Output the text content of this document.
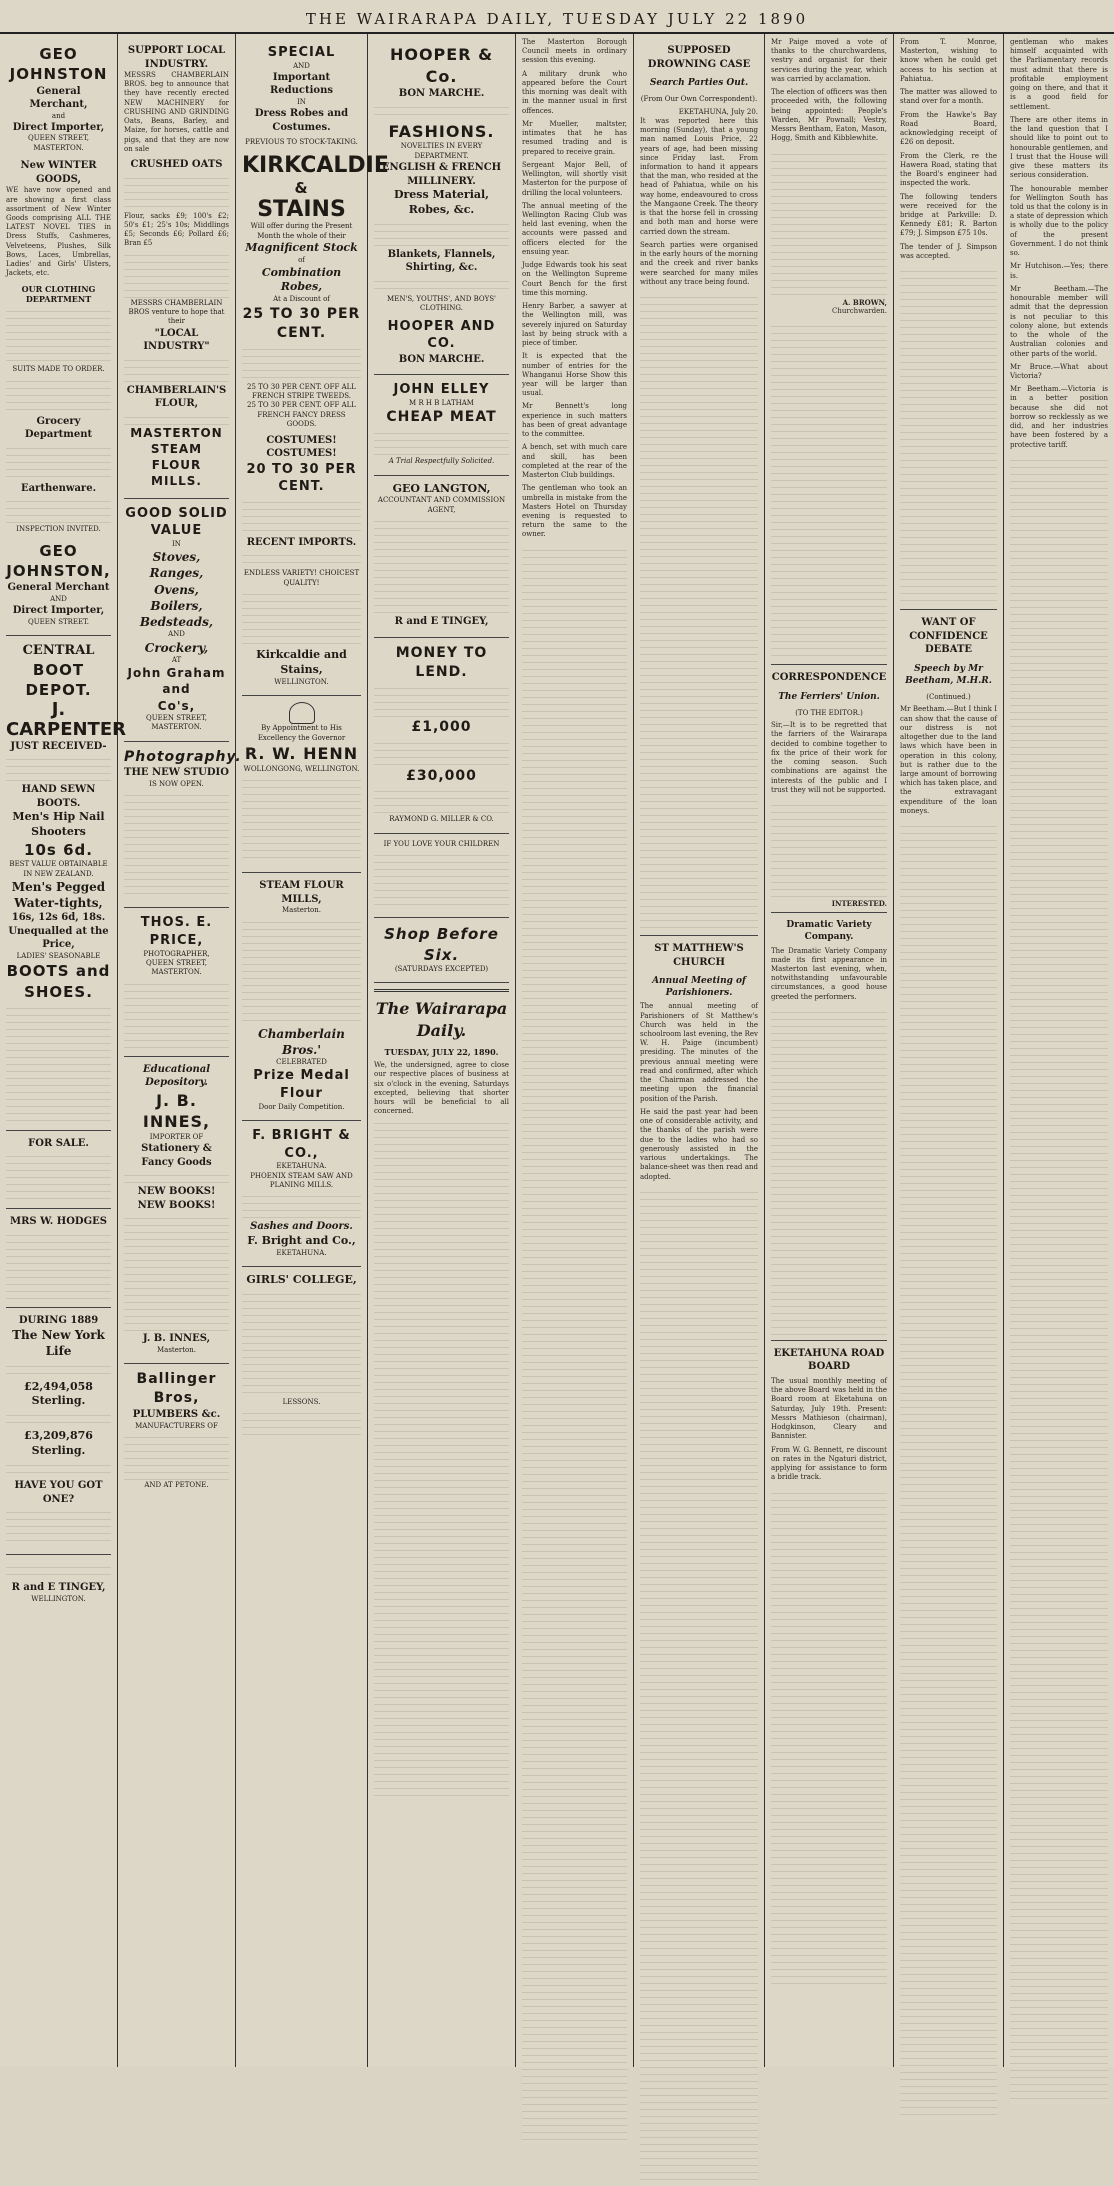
THE WAIRARAPA DAILY, TUESDAY JULY 22 1890
GEO JOHNSTON
General Merchant,
and
Direct Importer,
QUEEN STREET, MASTERTON.
New WINTER GOODS,
WE have now opened and are showing a first class assortment of New Winter Goods comprising ALL THE LATEST NOVEL TIES in Dress Stuffs, Cashmeres, Velveteens, Plushes, Silk Bows, Laces, Umbrellas, Ladies' and Girls' Ulsters, Jackets, etc.
OUR CLOTHING DEPARTMENT
SUITS MADE TO ORDER.
Grocery Department
Earthenware.
INSPECTION INVITED.
GEO JOHNSTON,
General Merchant
AND
Direct Importer,
QUEEN STREET.
CENTRAL
BOOT DEPOT.
J. CARPENTER
JUST RECEIVED-
HAND SEWN BOOTS.
Men's Hip Nail Shooters
10s 6d.
BEST VALUE OBTAINABLE IN NEW ZEALAND.
Men's Pegged Water-tights,
16s, 12s 6d, 18s.
Unequalled at the Price,
LADIES' SEASONABLE
BOOTS and SHOES.
FOR SALE.
MRS W. HODGES
DURING 1889
The New York Life
£2,494,058 Sterling.
£3,209,876 Sterling.
HAVE YOU GOT ONE?
R and E TINGEY,
WELLINGTON.
SUPPORT LOCAL INDUSTRY.
MESSRS CHAMBERLAIN BROS. beg to announce that they have recently erected NEW MACHINERY for CRUSHING AND GRINDING Oats, Beans, Barley, and Maize, for horses, cattle and pigs, and that they are now on sale
CRUSHED OATS
Flour, sacks £9; 100's £2; 50's £1; 25's 10s; Middlings £5; Seconds £6; Pollard £6; Bran £5
MESSRS CHAMBERLAIN BROS venture to hope that their
"LOCAL INDUSTRY"
CHAMBERLAIN'S FLOUR,
MASTERTON STEAM
FLOUR MILLS.
GOOD SOLID
VALUE
IN
Stoves,
Ranges,
Ovens,
Boilers,
Bedsteads,
AND
Crockery,
AT
John Graham and
Co's,
QUEEN STREET,
MASTERTON.
Photography.
THE NEW STUDIO
IS NOW OPEN.
THOS. E. PRICE,
PHOTOGRAPHER,
QUEEN STREET, MASTERTON.
Educational Depository.
J. B. INNES,
IMPORTER OF
Stationery & Fancy Goods
NEW BOOKS!
NEW BOOKS!
J. B. INNES,
Masterton.
Ballinger Bros,
PLUMBERS &c.
MANUFACTURERS OF
AND AT PETONE.
SPECIAL
AND
Important Reductions
IN
Dress Robes and Costumes.
PREVIOUS TO STOCK-TAKING.
KIRKCALDIE
&
STAINS
Will offer during the Present Month the whole of their
Magnificent Stock
of
Combination Robes,
At a Discount of
25 TO 30 PER CENT.
25 TO 30 PER CENT. OFF ALL FRENCH STRIPE TWEEDS.
25 TO 30 PER CENT. OFF ALL FRENCH FANCY DRESS GOODS.
COSTUMES! COSTUMES!
20 TO 30 PER CENT.
RECENT IMPORTS.
ENDLESS VARIETY! CHOICEST QUALITY!
Kirkcaldie and Stains,
WELLINGTON.
By Appointment to His Excellency the Governor
R. W. HENN
WOLLONGONG, WELLINGTON.
STEAM FLOUR MILLS,
Masterton.
Chamberlain Bros.'
CELEBRATED
Prize Medal Flour
Door Daily Competition.
F. BRIGHT & CO.,
EKETAHUNA.
PHOENIX STEAM SAW AND PLANING MILLS.
Sashes and Doors.
F. Bright and Co.,
EKETAHUNA.
GIRLS' COLLEGE,
LESSONS.
HOOPER & Co.
BON MARCHE.
FASHIONS.
NOVELTIES IN EVERY DEPARTMENT.
ENGLISH & FRENCH MILLINERY.
Dress Material, Robes, &c.
Blankets, Flannels, Shirting, &c.
MEN'S, YOUTHS', AND BOYS' CLOTHING.
HOOPER AND CO.
BON MARCHE.
JOHN ELLEY
M R H B LATHAM
CHEAP MEAT
A Trial Respectfully Solicited.
GEO LANGTON,
ACCOUNTANT AND COMMISSION AGENT,
R and E TINGEY,
MONEY TO LEND.
£1,000
£30,000
RAYMOND G. MILLER & CO.
IF YOU LOVE YOUR CHILDREN
Shop Before Six.
(SATURDAYS EXCEPTED)
The Wairarapa Daily.
TUESDAY, JULY 22, 1890.
We, the undersigned, agree to close our respective places of business at six o'clock in the evening, Saturdays excepted, believing that shorter hours will be beneficial to all concerned.
The Masterton Borough Council meets in ordinary session this evening.
A military drunk who appeared before the Court this morning was dealt with in the manner usual in first offences.
Mr Mueller, maltster, intimates that he has resumed trading and is prepared to receive grain.
Sergeant Major Bell, of Wellington, will shortly visit Masterton for the purpose of drilling the local volunteers.
The annual meeting of the Wellington Racing Club was held last evening, when the accounts were passed and officers elected for the ensuing year.
Judge Edwards took his seat on the Wellington Supreme Court Bench for the first time this morning.
Henry Barber, a sawyer at the Wellington mill, was severely injured on Saturday last by being struck with a piece of timber.
It is expected that the number of entries for the Whanganui Horse Show this year will be larger than usual.
Mr Bennett's long experience in such matters has been of great advantage to the committee.
A bench, set with much care and skill, has been completed at the rear of the Masterton Club buildings.
The gentleman who took an umbrella in mistake from the Masters Hotel on Thursday evening is requested to return the same to the owner.
SUPPOSED DROWNING CASE
Search Parties Out.
(From Our Own Correspondent).
EKETAHUNA, July 20.
It was reported here this morning (Sunday), that a young man named Louis Price, 22 years of age, had been missing since Friday last. From information to hand it appears that the man, who resided at the head of Pahiatua, while on his way home, endeavoured to cross the Mangaone Creek. The theory is that the horse fell in crossing and both man and horse were carried down the stream.
Search parties were organised in the early hours of the morning and the creek and river banks were searched for many miles without any trace being found.
ST MATTHEW'S CHURCH
Annual Meeting of Parishioners.
The annual meeting of Parishioners of St Matthew's Church was held in the schoolroom last evening, the Rev W. H. Paige (incumbent) presiding. The minutes of the previous annual meeting were read and confirmed, after which the Chairman addressed the meeting upon the financial position of the Parish.
He said the past year had been one of considerable activity, and the thanks of the parish were due to the ladies who had so generously assisted in the various undertakings. The balance-sheet was then read and adopted.
Mr Paige moved a vote of thanks to the churchwardens, vestry and organist for their services during the year, which was carried by acclamation.
The election of officers was then proceeded with, the following being appointed: People's Warden, Mr Pownall; Vestry, Messrs Bentham, Eaton, Mason, Hogg, Smith and Kibblewhite.
A. BROWN,
Churchwarden.
CORRESPONDENCE
The Ferriers' Union.
(TO THE EDITOR.)
Sir,—It is to be regretted that the farriers of the Wairarapa decided to combine together to fix the price of their work for the coming season. Such combinations are against the interests of the public and I trust they will not be supported.
INTERESTED.
Dramatic Variety Company.
The Dramatic Variety Company made its first appearance in Masterton last evening, when, notwithstanding unfavourable circumstances, a good house greeted the performers.
EKETAHUNA ROAD BOARD
The usual monthly meeting of the above Board was held in the Board room at Eketahuna on Saturday, July 19th. Present: Messrs Mathieson (chairman), Hodgkinson, Cleary and Bannister.
From W. G. Bennett, re discount on rates in the Ngaturi district, applying for assistance to form a bridle track.
From T. Monroe, Masterton, wishing to know when he could get access to his section at Pahiatua.
The matter was allowed to stand over for a month.
From the Hawke's Bay Road Board, acknowledging receipt of £26 on deposit.
From the Clerk, re the Hawera Road, stating that the Board's engineer had inspected the work.
The following tenders were received for the bridge at Parkville: D. Kennedy £81; R. Barton £79; J. Simpson £75 10s.
The tender of J. Simpson was accepted.
WANT OF CONFIDENCE DEBATE
Speech by Mr Beetham, M.H.R.
(Continued.)
Mr Beetham.—But I think I can show that the cause of our distress is not altogether due to the land laws which have been in operation in this colony, but is rather due to the large amount of borrowing which has taken place, and the extravagant expenditure of the loan moneys.
gentleman who makes himself acquainted with the Parliamentary records must admit that there is profitable employment going on there, and that it is a good field for settlement.
There are other items in the land question that I should like to point out to honourable gentlemen, and I trust that the House will give these matters its serious consideration.
The honourable member for Wellington South has told us that the colony is in a state of depression which is wholly due to the policy of the present Government. I do not think so.
Mr Hutchison.—Yes; there is.
Mr Beetham.—The honourable member will admit that the depression is not peculiar to this colony alone, but extends to the whole of the Australian colonies and other parts of the world.
Mr Bruce.—What about Victoria?
Mr Beetham.—Victoria is in a better position because she did not borrow so recklessly as we did, and her industries have been fostered by a protective tariff.
